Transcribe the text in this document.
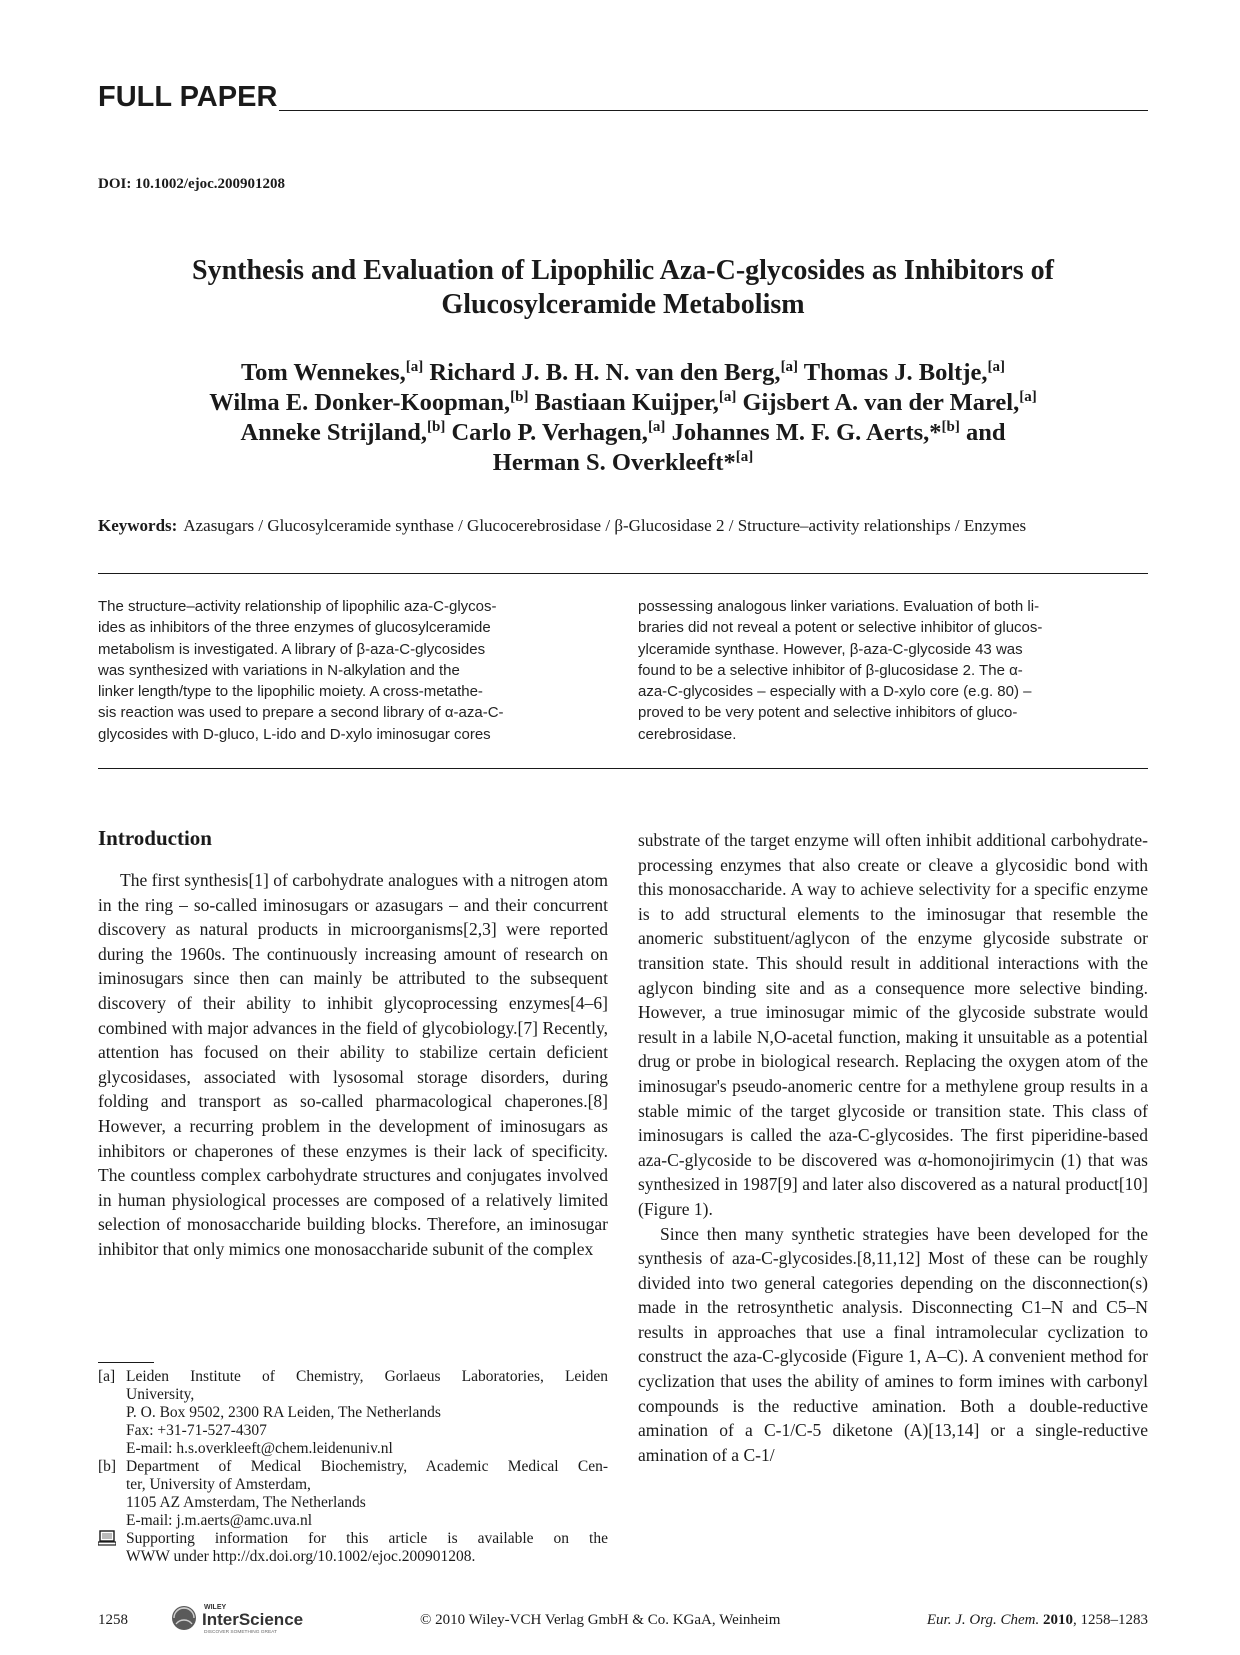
FULL PAPER
DOI: 10.1002/ejoc.200901208
Synthesis and Evaluation of Lipophilic Aza-C-glycosides as Inhibitors of
Glucosylceramide Metabolism
Tom Wennekes,[a] Richard J. B. H. N. van den Berg,[a] Thomas J. Boltje,[a]
Wilma E. Donker-Koopman,[b] Bastiaan Kuijper,[a] Gijsbert A. van der Marel,[a]
Anneke Strijland,[b] Carlo P. Verhagen,[a] Johannes M. F. G. Aerts,*[b] and
Herman S. Overkleeft*[a]
Keywords: Azasugars / Glucosylceramide synthase / Glucocerebrosidase / β-Glucosidase 2 / Structure–activity relationships / Enzymes
The structure–activity relationship of lipophilic aza-C-glycos-
ides as inhibitors of the three enzymes of glucosylceramide
metabolism is investigated. A library of β-aza-C-glycosides
was synthesized with variations in N-alkylation and the
linker length/type to the lipophilic moiety. A cross-metathe-
sis reaction was used to prepare a second library of α-aza-C-
glycosides with D-gluco, L-ido and D-xylo iminosugar cores
possessing analogous linker variations. Evaluation of both li-
braries did not reveal a potent or selective inhibitor of glucos-
ylceramide synthase. However, β-aza-C-glycoside 43 was
found to be a selective inhibitor of β-glucosidase 2. The α-
aza-C-glycosides – especially with a D-xylo core (e.g. 80) –
proved to be very potent and selective inhibitors of gluco-
cerebrosidase.
Introduction

The first synthesis[1] of carbohydrate analogues with a nitrogen atom in the ring – so-called iminosugars or azasugars – and their concurrent discovery as natural products in microorganisms[2,3] were reported during the 1960s. The continuously increasing amount of research on iminosugars since then can mainly be attributed to the subsequent discovery of their ability to inhibit glycoprocessing enzymes[4–6] combined with major advances in the field of glycobiology.[7] Recently, attention has focused on their ability to stabilize certain deficient glycosidases, associated with lysosomal storage disorders, during folding and transport as so-called pharmacological chaperones.[8] However, a recurring problem in the development of iminosugars as inhibitors or chaperones of these enzymes is their lack of specificity. The countless complex carbohydrate structures and conjugates involved in human physiological processes are composed of a relatively limited selection of monosaccharide building blocks. Therefore, an iminosugar inhibitor that only mimics one monosaccharide subunit of the complex

substrate of the target enzyme will often inhibit additional carbohydrate-processing enzymes that also create or cleave a glycosidic bond with this monosaccharide. A way to achieve selectivity for a specific enzyme is to add structural elements to the iminosugar that resemble the anomeric substituent/aglycon of the enzyme glycoside substrate or transition state. This should result in additional interactions with the aglycon binding site and as a consequence more selective binding. However, a true iminosugar mimic of the glycoside substrate would result in a labile N,O-acetal function, making it unsuitable as a potential drug or probe in biological research. Replacing the oxygen atom of the iminosugar's pseudo-anomeric centre for a methylene group results in a stable mimic of the target glycoside or transition state. This class of iminosugars is called the aza-C-glycosides. The first piperidine-based aza-C-glycoside to be discovered was α-homonojirimycin (1) that was synthesized in 1987[9] and later also discovered as a natural product[10] (Figure 1).

Since then many synthetic strategies have been developed for the synthesis of aza-C-glycosides.[8,11,12] Most of these can be roughly divided into two general categories depending on the disconnection(s) made in the retrosynthetic analysis. Disconnecting C1–N and C5–N results in approaches that use a final intramolecular cyclization to construct the aza-C-glycoside (Figure 1, A–C). A convenient method for cyclization that uses the ability of amines to form imines with carbonyl compounds is the reductive amination. Both a double-reductive amination of a C-1/C-5 diketone (A)[13,14] or a single-reductive amination of a C-1/

[a] Leiden Institute of Chemistry, Gorlaeus Laboratories, Leiden
University,
P. O. Box 9502, 2300 RA Leiden, The Netherlands
Fax: +31-71-527-4307
E-mail: h.s.overkleeft@chem.leidenuniv.nl
[b] Department of Medical Biochemistry, Academic Medical Cen-
ter, University of Amsterdam,
1105 AZ Amsterdam, The Netherlands
E-mail: j.m.aerts@amc.uva.nl
Supporting information for this article is available on the
WWW under http://dx.doi.org/10.1002/ejoc.200901208.
1258
WILEY
InterScience
DISCOVER SOMETHING GREAT
© 2010 Wiley-VCH Verlag GmbH & Co. KGaA, Weinheim	Eur. J. Org. Chem. 2010, 1258–1283
